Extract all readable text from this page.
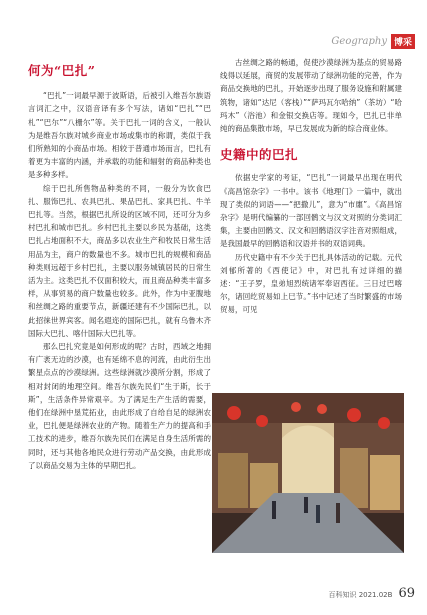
Geography 博采
何为“巴扎”

“巴扎”一词最早源于波斯语，后被引入维吾尔族语言词汇之中，汉语音译有多个写法，诸如“巴扎”“巴札”“巴尔”“八栅尔”等。关于巴扎一词的含义，一般认为是维吾尔族对城乡商业市场或集市的称谓，类似于我们所熟知的小商品市场。相较于普通市场而言，巴扎有着更为丰富的内涵，并承载的功能和辐射的商品种类也是多种多样。

综于巴扎所售物品种类的不同，一般分为饮食巴扎、服饰巴扎、农具巴扎、果品巴扎、家具巴扎、牛羊巴扎等。当然，根据巴扎所设的区域不同，还可分为乡村巴扎和城市巴扎。乡村巴扎主要以乡民为基础，这类巴扎占地面积不大，商品多以农业生产和牧民日常生活用品为主，商户的数量也不多。城市巴扎的规模和商品种类则远超于乡村巴扎，主要以服务城镇居民的日常生活为主。这类巴扎不仅面积较大，而且商品种类丰富多样，从事贸易的商户数量也较多。此外，作为中亚腹地和丝绸之路的重要节点，新疆还建有不少国际巴扎，以此招徕世界宾客。闻名遐迩的国际巴扎，就有乌鲁木齐国际大巴扎、喀什国际大巴扎等。

那么巴扎究竟是如何形成的呢？古时，西域之地拥有广袤无边的沙漠，也有延绵不息的河流，由此衍生出繁星点点的沙漠绿洲。这些绿洲就沙漠所分割，形成了相对封闭的地理空间。维吾尔族先民们“生于斯，长于斯”，生活条件异常艰辛。为了满足生产生活的需要，他们在绿洲中垦荒拓业，由此形成了自给自足的绿洲农业，巴扎便是绿洲农业的产物。随着生产力的提高和手工技术的进步，维吾尔族先民们在满足自身生活所需的同时，还与其他各地民众进行劳动产品交换，由此形成了以商品交易为主体的早期巴扎。

古丝绸之路的畅通，促使沙漠绿洲为基点的贸易路线得以延展，商贸的发展带动了绿洲功能的完善，作为商品交换地的巴扎，开始逐步出现了服务设施和附属建筑物，诸如“达尼（客栈）”“萨玛瓦尔哈纳”（茶坊）“哈玛木”（浴池）和金银交换店等。现如今，巴扎已非单纯的商品集散市场，早已发展成为新的综合商业体。

史籍中的巴扎

依据史学家的考证，“巴扎”一词最早出现在明代《高昌馆杂字》一书中。该书《地理门》一篇中，就出现了类似的词语——“把撒儿”，意为“市廛”。《高昌馆杂字》是明代编纂的一部回鹘文与汉文对照的分类词汇集，主要由回鹘文、汉文和回鹘语汉字注音对照组成，是我国最早的回鹘语和汉语并书的双语词典。

历代史籍中有不少关于巴扎具体活动的记载。元代刘郁所著的《西使记》中，对巴扎有过详细的描述：“王子罗，皇弟旭烈统诸军奉诏西征。三日过巴喀尔，诸回纥贸易如上巳节。”书中记述了当时繁盛的市场贸易，可见

百科知识 2021.02B 69
